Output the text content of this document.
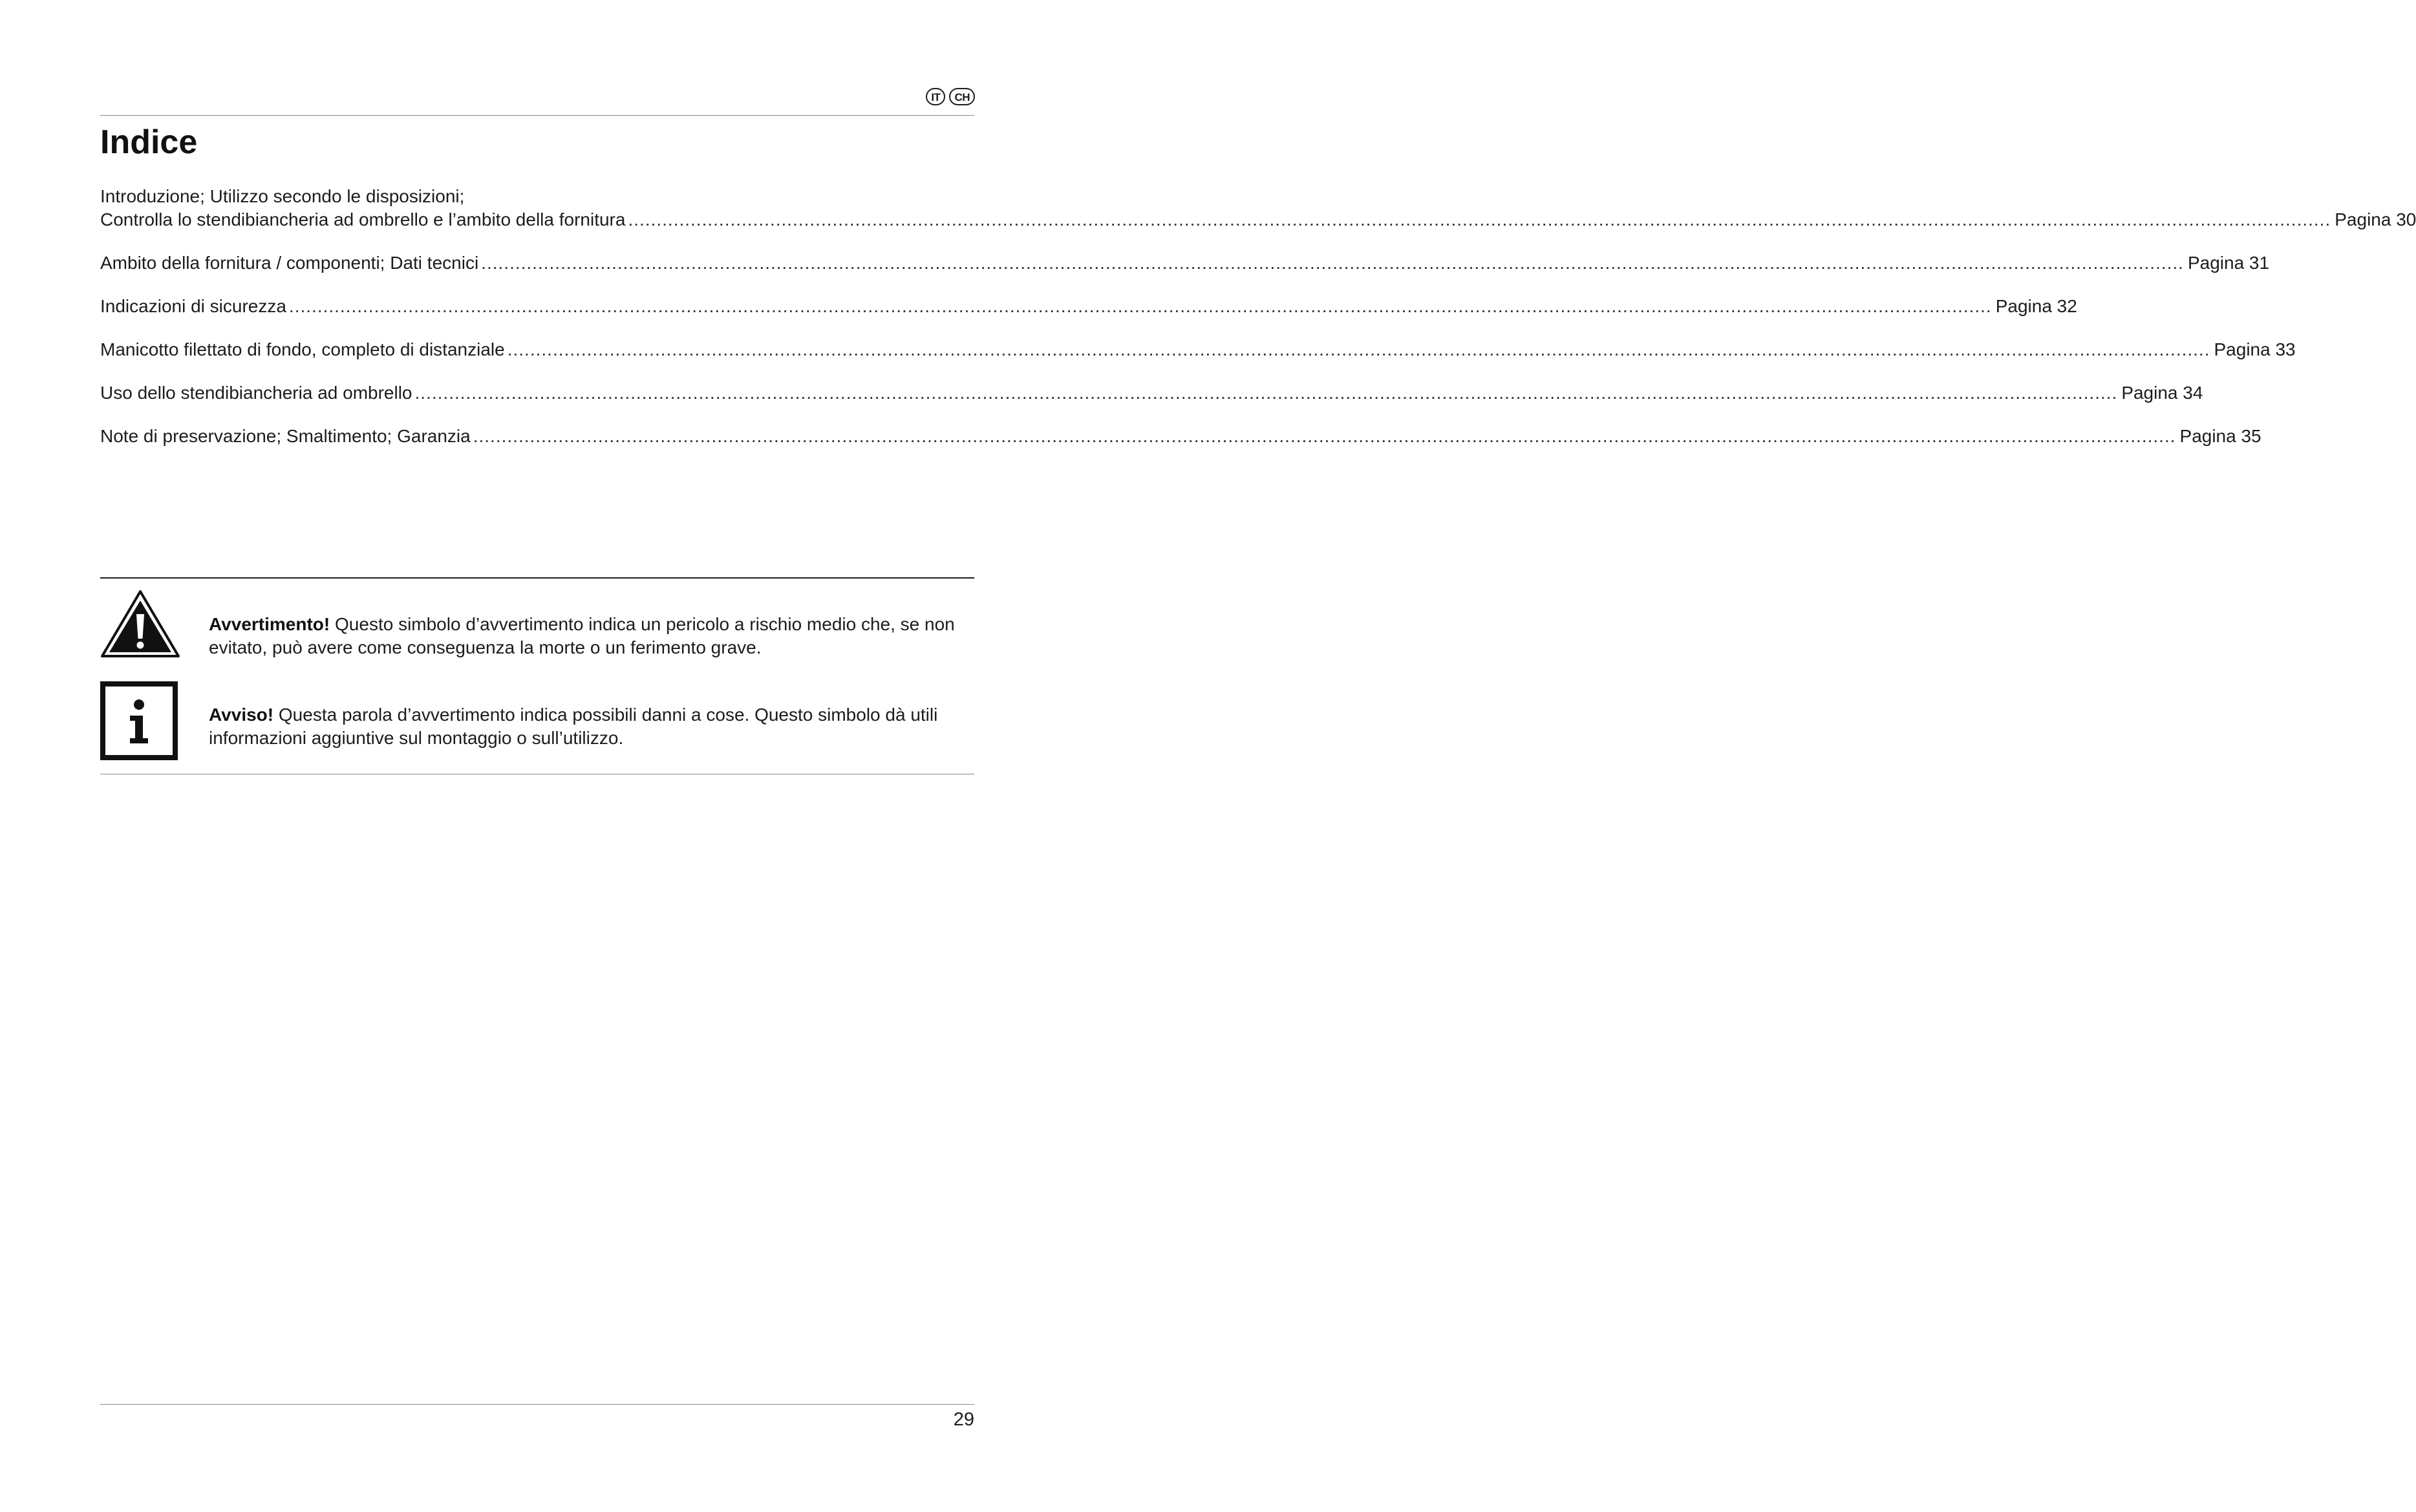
IT	CH
Indice
Introduzione; Utilizzo secondo le disposizioni;
Controlla lo stendibiancheria ad ombrello e l’ambito della fornitura ............................................................................................................................................................................................................................................................................................................ Pagina 30
Ambito della fornitura / componenti; Dati tecnici ............................................................................................................................................................................................................................................................................................................ Pagina 31
Indicazioni di sicurezza ............................................................................................................................................................................................................................................................................................................ Pagina 32
Manicotto filettato di fondo, completo di distanziale ............................................................................................................................................................................................................................................................................................................ Pagina 33
Uso dello stendibiancheria ad ombrello ............................................................................................................................................................................................................................................................................................................ Pagina 34
Note di preservazione; Smaltimento; Garanzia ............................................................................................................................................................................................................................................................................................................ Pagina 35
Avvertimento! Questo simbolo d’avvertimento indica un pericolo a rischio medio che, se non evitato, può avere come conseguenza la morte o un ferimento grave.
Avviso! Questa parola d’avvertimento indica possibili danni a cose. Questo simbolo dà utili informazioni aggiuntive sul montaggio o sull’utilizzo.
29
